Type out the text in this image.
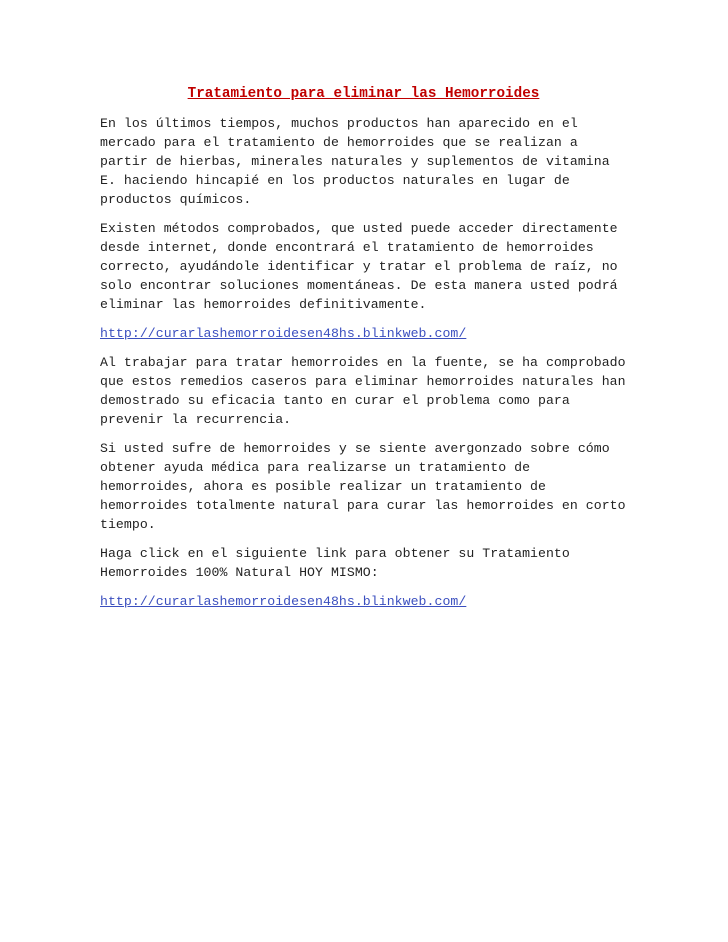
Tratamiento para eliminar las Hemorroides

En los últimos tiempos, muchos productos han aparecido en el
mercado para el tratamiento de hemorroides que se realizan a
partir de hierbas, minerales naturales y suplementos de vitamina
E. haciendo hincapié en los productos naturales en lugar de
productos químicos.

Existen métodos comprobados, que usted puede acceder directamente
desde internet, donde encontrará el tratamiento de hemorroides
correcto, ayudándole identificar y tratar el problema de raíz, no
solo encontrar soluciones momentáneas. De esta manera usted podrá
eliminar las hemorroides definitivamente.

http://curarlashemorroidesen48hs.blinkweb.com/

Al trabajar para tratar hemorroides en la fuente, se ha comprobado
que estos remedios caseros para eliminar hemorroides naturales han
demostrado su eficacia tanto en curar el problema como para
prevenir la recurrencia.

Si usted sufre de hemorroides y se siente avergonzado sobre cómo
obtener ayuda médica para realizarse un tratamiento de
hemorroides, ahora es posible realizar un tratamiento de
hemorroides totalmente natural para curar las hemorroides en corto
tiempo.

Haga click en el siguiente link para obtener su Tratamiento
Hemorroides 100% Natural HOY MISMO:

http://curarlashemorroidesen48hs.blinkweb.com/
